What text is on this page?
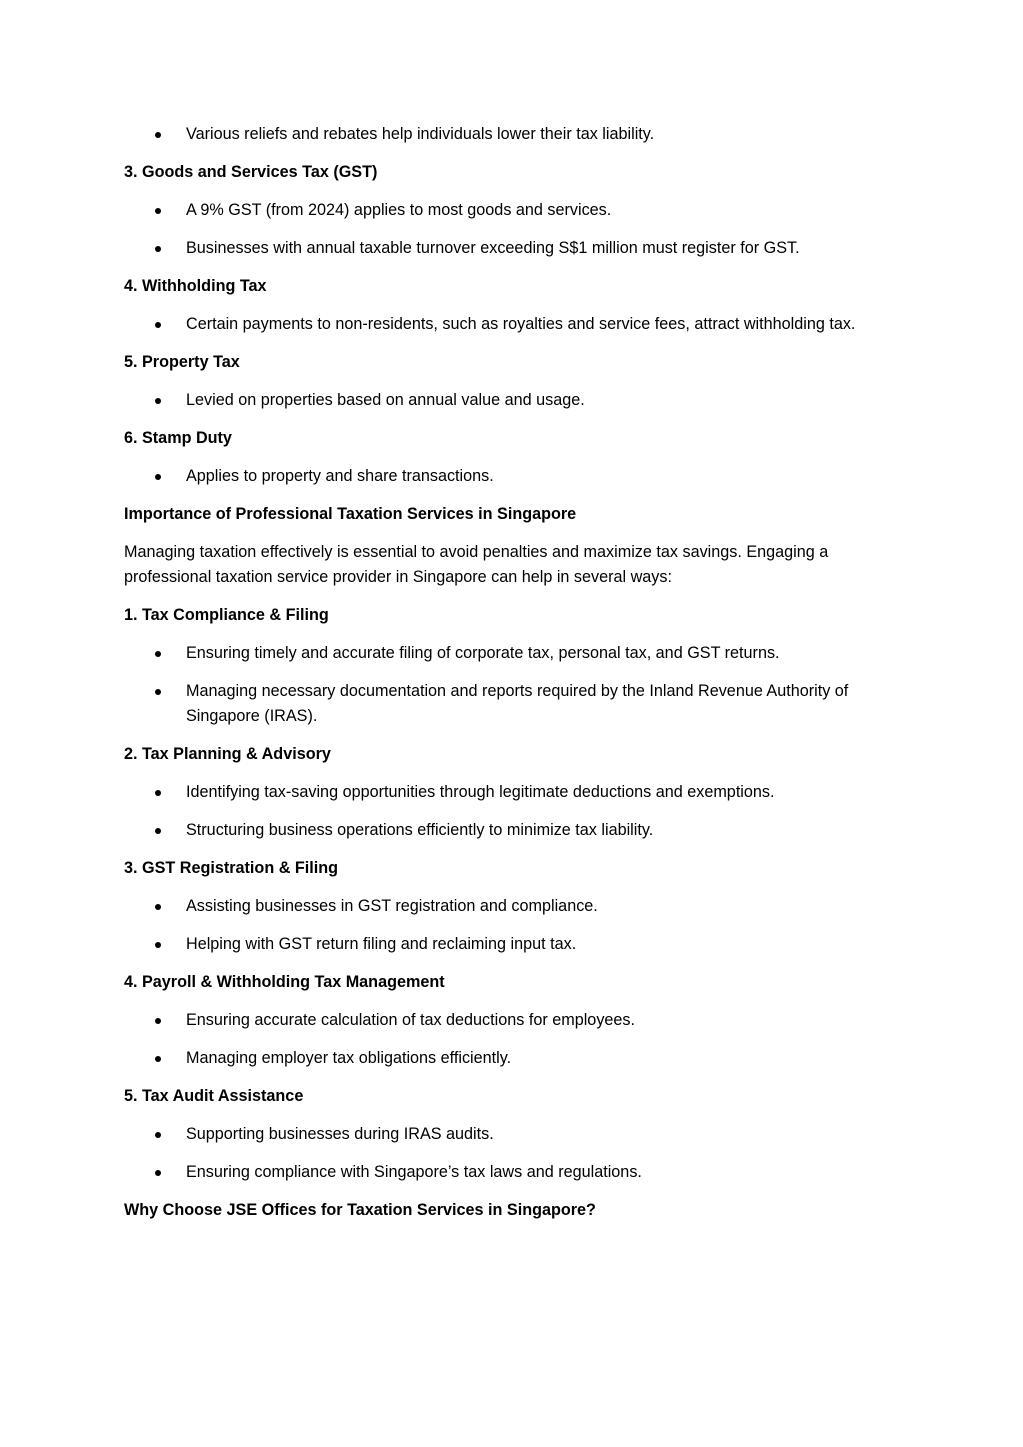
Various reliefs and rebates help individuals lower their tax liability.
3. Goods and Services Tax (GST)
A 9% GST (from 2024) applies to most goods and services.
Businesses with annual taxable turnover exceeding S$1 million must register for GST.
4. Withholding Tax
Certain payments to non-residents, such as royalties and service fees, attract withholding tax.
5. Property Tax
Levied on properties based on annual value and usage.
6. Stamp Duty
Applies to property and share transactions.
Importance of Professional Taxation Services in Singapore

Managing taxation effectively is essential to avoid penalties and maximize tax savings. Engaging a professional taxation service provider in Singapore can help in several ways:

1. Tax Compliance & Filing
Ensuring timely and accurate filing of corporate tax, personal tax, and GST returns.
Managing necessary documentation and reports required by the Inland Revenue Authority of Singapore (IRAS).
2. Tax Planning & Advisory
Identifying tax-saving opportunities through legitimate deductions and exemptions.
Structuring business operations efficiently to minimize tax liability.
3. GST Registration & Filing
Assisting businesses in GST registration and compliance.
Helping with GST return filing and reclaiming input tax.
4. Payroll & Withholding Tax Management
Ensuring accurate calculation of tax deductions for employees.
Managing employer tax obligations efficiently.
5. Tax Audit Assistance
Supporting businesses during IRAS audits.
Ensuring compliance with Singapore’s tax laws and regulations.
Why Choose JSE Offices for Taxation Services in Singapore?
